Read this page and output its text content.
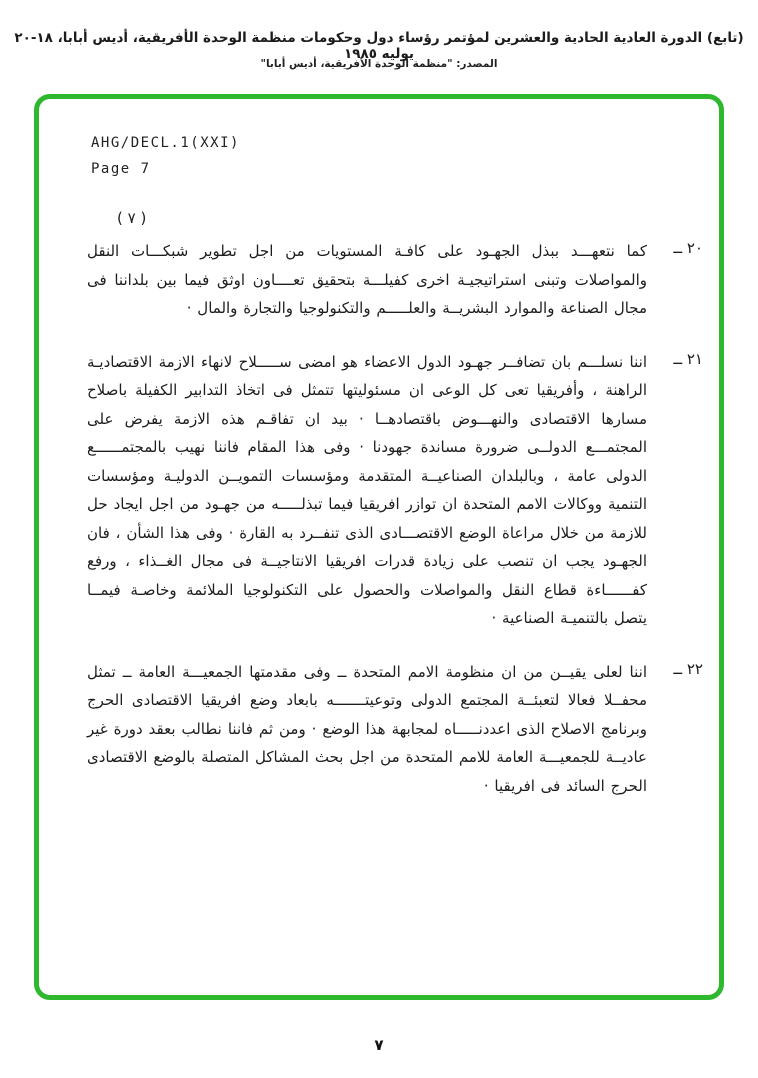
(تابع) الدورة العادية الحادية والعشرين لمؤتمر رؤساء دول وحكومات منظمة الوحدة الأفريقية، أديس أبابا، ١٨-٢٠ يوليه ١٩٨٥
المصدر: "منظمة الوحدة الأفريقية، أديس أبابا"
AHG/DECL.1(XXI)
Page 7
( ٧ )
٢٠ ــ
كما نتعهـــد ببذل الجهـود على كافـة المستويات من اجل تطوير شبكـــات النقل والمواصلات وتبنى استراتيجيـة اخرى كفيلـــة بتحقيق تعــــاون اوثق فيما بين بلداننا فى مجال الصناعة والموارد البشريــة والعلـــــم والتكنولوجيا والتجارة والمال ·
٢١ ــ
اننا نسلـــم بان تضافــر جهـود الدول الاعضاء هو امضى ســـــلاح لانهاء الازمة الاقتصاديـة الراهنة ، وأفريقيا تعى كل الوعى ان مسئوليتها تتمثل فى اتخاذ التدابير الكفيلة باصلاح مسارها الاقتصادى والنهـــوض باقتصادهــا · بيد ان تفاقـم هذه الازمة يفرض على المجتمـــع الدولــى ضرورة مساندة جهودنا · وفى هذا المقام فاننا نهيب بالمجتمــــــع الدولى عامة ، وبالبلدان الصناعيــة المتقدمة ومؤسسات التمويــن الدوليـة ومؤسسات التنمية ووكالات الامم المتحدة ان توازر افريقيا فيما تبذلـــــه من جهـود من اجل ايجاد حل للازمة من خلال مراعاة الوضع الاقتصـــادى الذى تنفــرد به القارة · وفى هذا الشأن ، فان الجهـود يجب ان تنصب على زيادة قدرات افريقيا الانتاجيــة فى مجال الغــذاء ، ورفع كفــــــاءة قطاع النقل والمواصلات والحصول على التكنولوجيا الملائمة وخاصـة فيمــا يتصل بالتنميـة الصناعية ·
٢٢ ــ
اننا لعلى يقيــن من ان منظومة الامم المتحدة ــ وفى مقدمتها الجمعيـــة العامة ــ تمثل محفــلا فعالا لتعبئــة المجتمع الدولى وتوعيتـــــــه بابعاد وضع افريقيا الاقتصادى الحرج وبرنامج الاصلاح الذى اعددنـــــاه لمجابهة هذا الوضع · ومن ثم فاننا نطالب بعقد دورة غير عاديــة للجمعيـــة العامة للامم المتحدة من اجل بحث المشاكل المتصلة بالوضع الاقتصادى الحرج السائد فى افريقيا ·
٧
